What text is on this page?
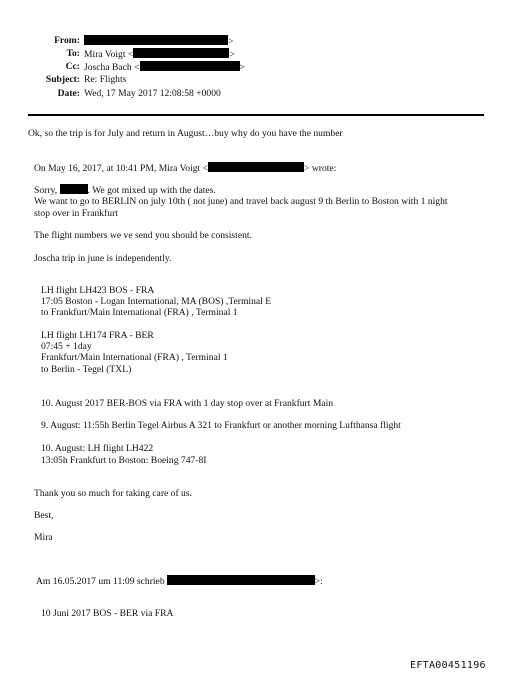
From:	>
To: Mira Voigt <	>
Cc: Joscha Bach <	>
Subject: Re: Flights
Date: Wed, 17 May 2017 12:08:58 +0000
Ok, so the trip is for July and return in August…buy why do you have the number
On May 16, 2017, at 10:41 PM, Mira Voigt <	> wrote:
Sorry,	. We got mixed up with the dates.
We want to go to BERLIN on july 10th ( not june) and travel back august 9 th Berlin to Boston with 1 night
stop over in Frankfurt
The flight numbers we ve send you should be consistent.
Joscha trip in june is independently.
LH flight LH423 BOS - FRA
17:05 Boston - Logan International, MA (BOS) ,Terminal E
to Frankfurt/Main International (FRA) , Terminal 1
LH flight LH174 FRA - BER
07:45 + 1day
Frankfurt/Main International (FRA) , Terminal 1
to Berlin - Tegel (TXL)
10. August 2017 BER-BOS via FRA with 1 day stop over at Frankfurt Main
9. August: 11:55h Berlin Tegel Airbus A 321 to Frankfurt or another morning Lufthansa flight
10. August: LH flight LH422
13:05h Frankfurt to Boston: Boeing 747-8I
Thank you so much for taking care of us.
Best,
Mira
Am 16.05.2017 um 11:09 schrieb	>:
10 Juni 2017 BOS - BER via FRA
EFTA00451196
